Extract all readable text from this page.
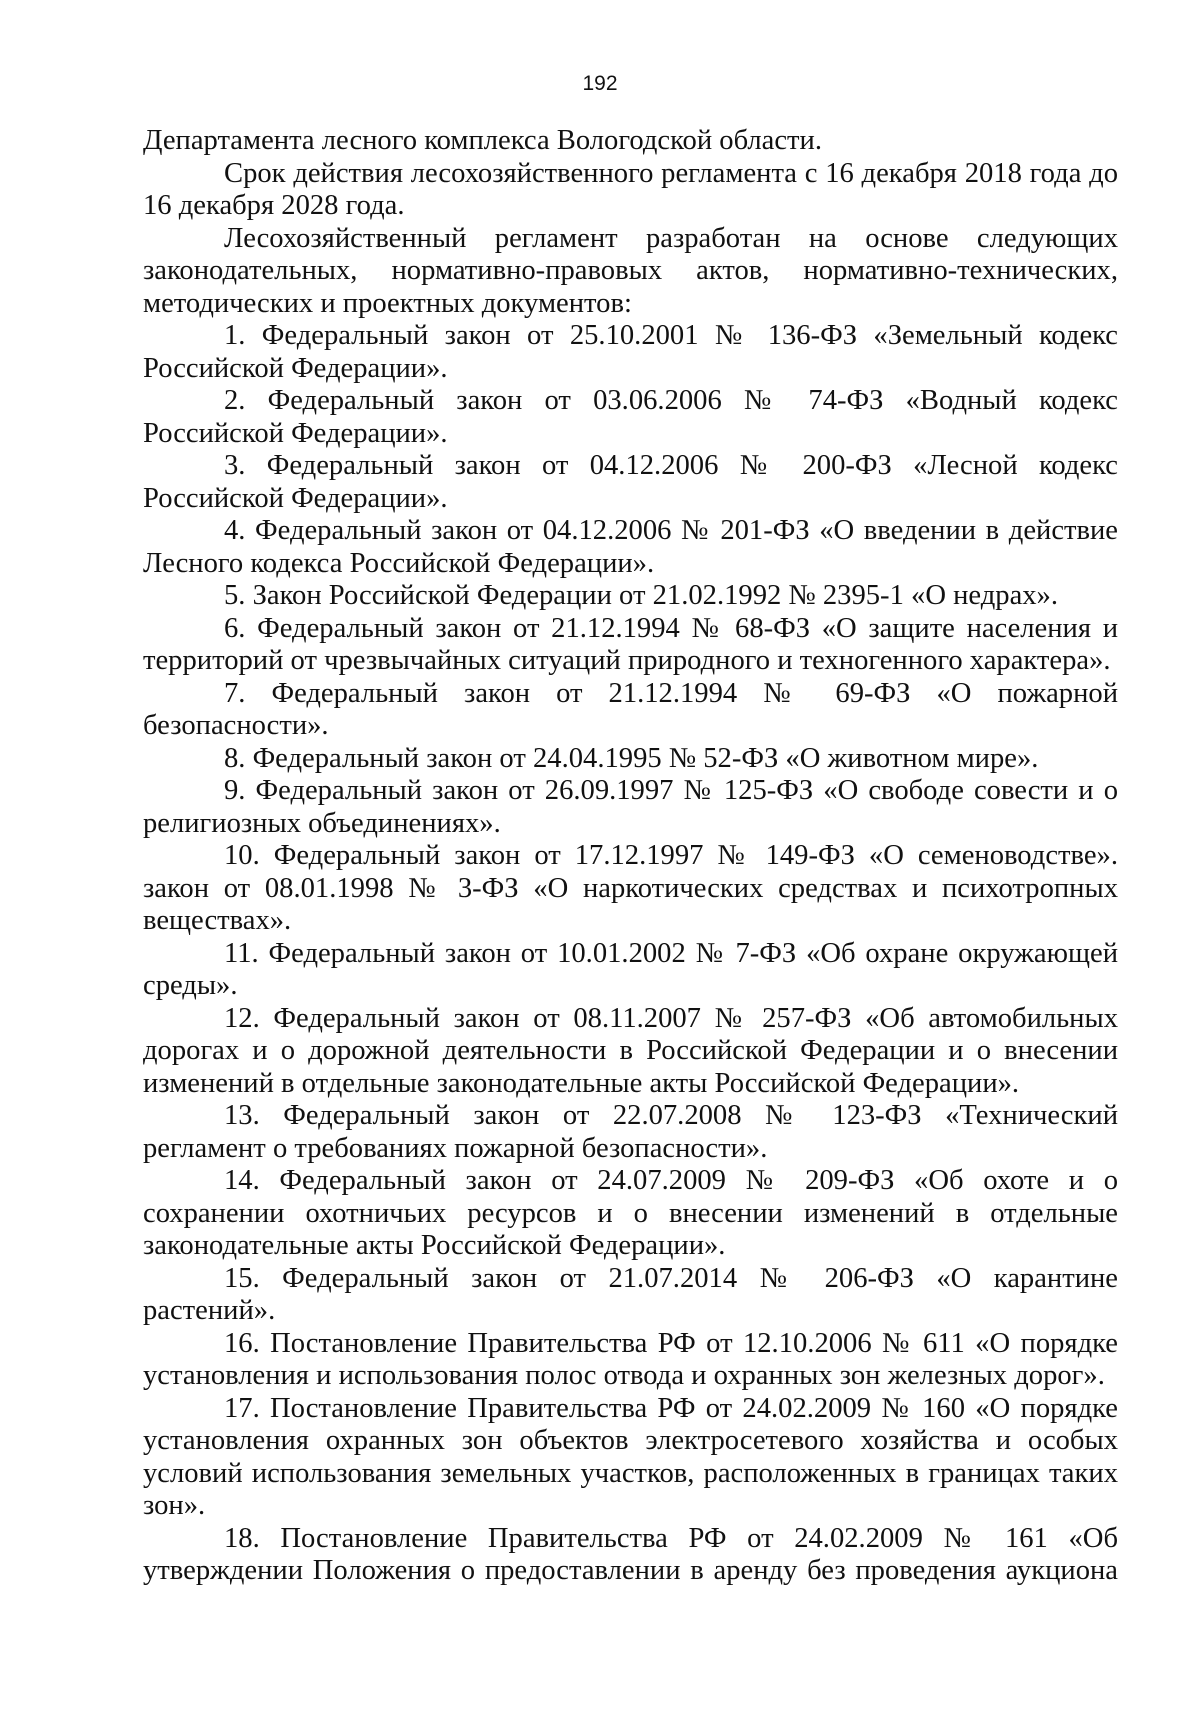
192
Департамента лесного комплекса Вологодской области.
Срок действия лесохозяйственного регламента с 16 декабря 2018 года до
16 декабря 2028 года.
Лесохозяйственный регламент разработан на основе следующих
законодательных, нормативно-правовых актов, нормативно-технических,
методических и проектных документов:
1. Федеральный закон от 25.10.2001 № 136-ФЗ «Земельный кодекс
Российской Федерации».
2. Федеральный закон от 03.06.2006 № 74-ФЗ «Водный кодекс
Российской Федерации».
3. Федеральный закон от 04.12.2006 № 200-ФЗ «Лесной кодекс
Российской Федерации».
4. Федеральный закон от 04.12.2006 № 201-ФЗ «О введении в действие
Лесного кодекса Российской Федерации».
5. Закон Российской Федерации от 21.02.1992 № 2395-1 «О недрах».
6. Федеральный закон от 21.12.1994 № 68-ФЗ «О защите населения и
территорий от чрезвычайных ситуаций природного и техногенного характера».
7. Федеральный закон от 21.12.1994 № 69-ФЗ «О пожарной
безопасности».
8. Федеральный закон от 24.04.1995 № 52-ФЗ «О животном мире».
9. Федеральный закон от 26.09.1997 № 125-ФЗ «О свободе совести и о
религиозных объединениях».
10. Федеральный закон от 17.12.1997 № 149-ФЗ «О семеноводстве».
закон от 08.01.1998 № 3-ФЗ «О наркотических средствах и психотропных
веществах».
11. Федеральный закон от 10.01.2002 № 7-ФЗ «Об охране окружающей
среды».
12. Федеральный закон от 08.11.2007 № 257-ФЗ «Об автомобильных
дорогах и о дорожной деятельности в Российской Федерации и о внесении
изменений в отдельные законодательные акты Российской Федерации».
13. Федеральный закон от 22.07.2008 № 123-ФЗ «Технический
регламент о требованиях пожарной безопасности».
14. Федеральный закон от 24.07.2009 № 209-ФЗ «Об охоте и о
сохранении охотничьих ресурсов и о внесении изменений в отдельные
законодательные акты Российской Федерации».
15. Федеральный закон от 21.07.2014 № 206-ФЗ «О карантине
растений».
16. Постановление Правительства РФ от 12.10.2006 № 611 «О порядке
установления и использования полос отвода и охранных зон железных дорог».
17. Постановление Правительства РФ от 24.02.2009 № 160 «О порядке
установления охранных зон объектов электросетевого хозяйства и особых
условий использования земельных участков, расположенных в границах таких
зон».
18. Постановление Правительства РФ от 24.02.2009 № 161 «Об
утверждении Положения о предоставлении в аренду без проведения аукциона
